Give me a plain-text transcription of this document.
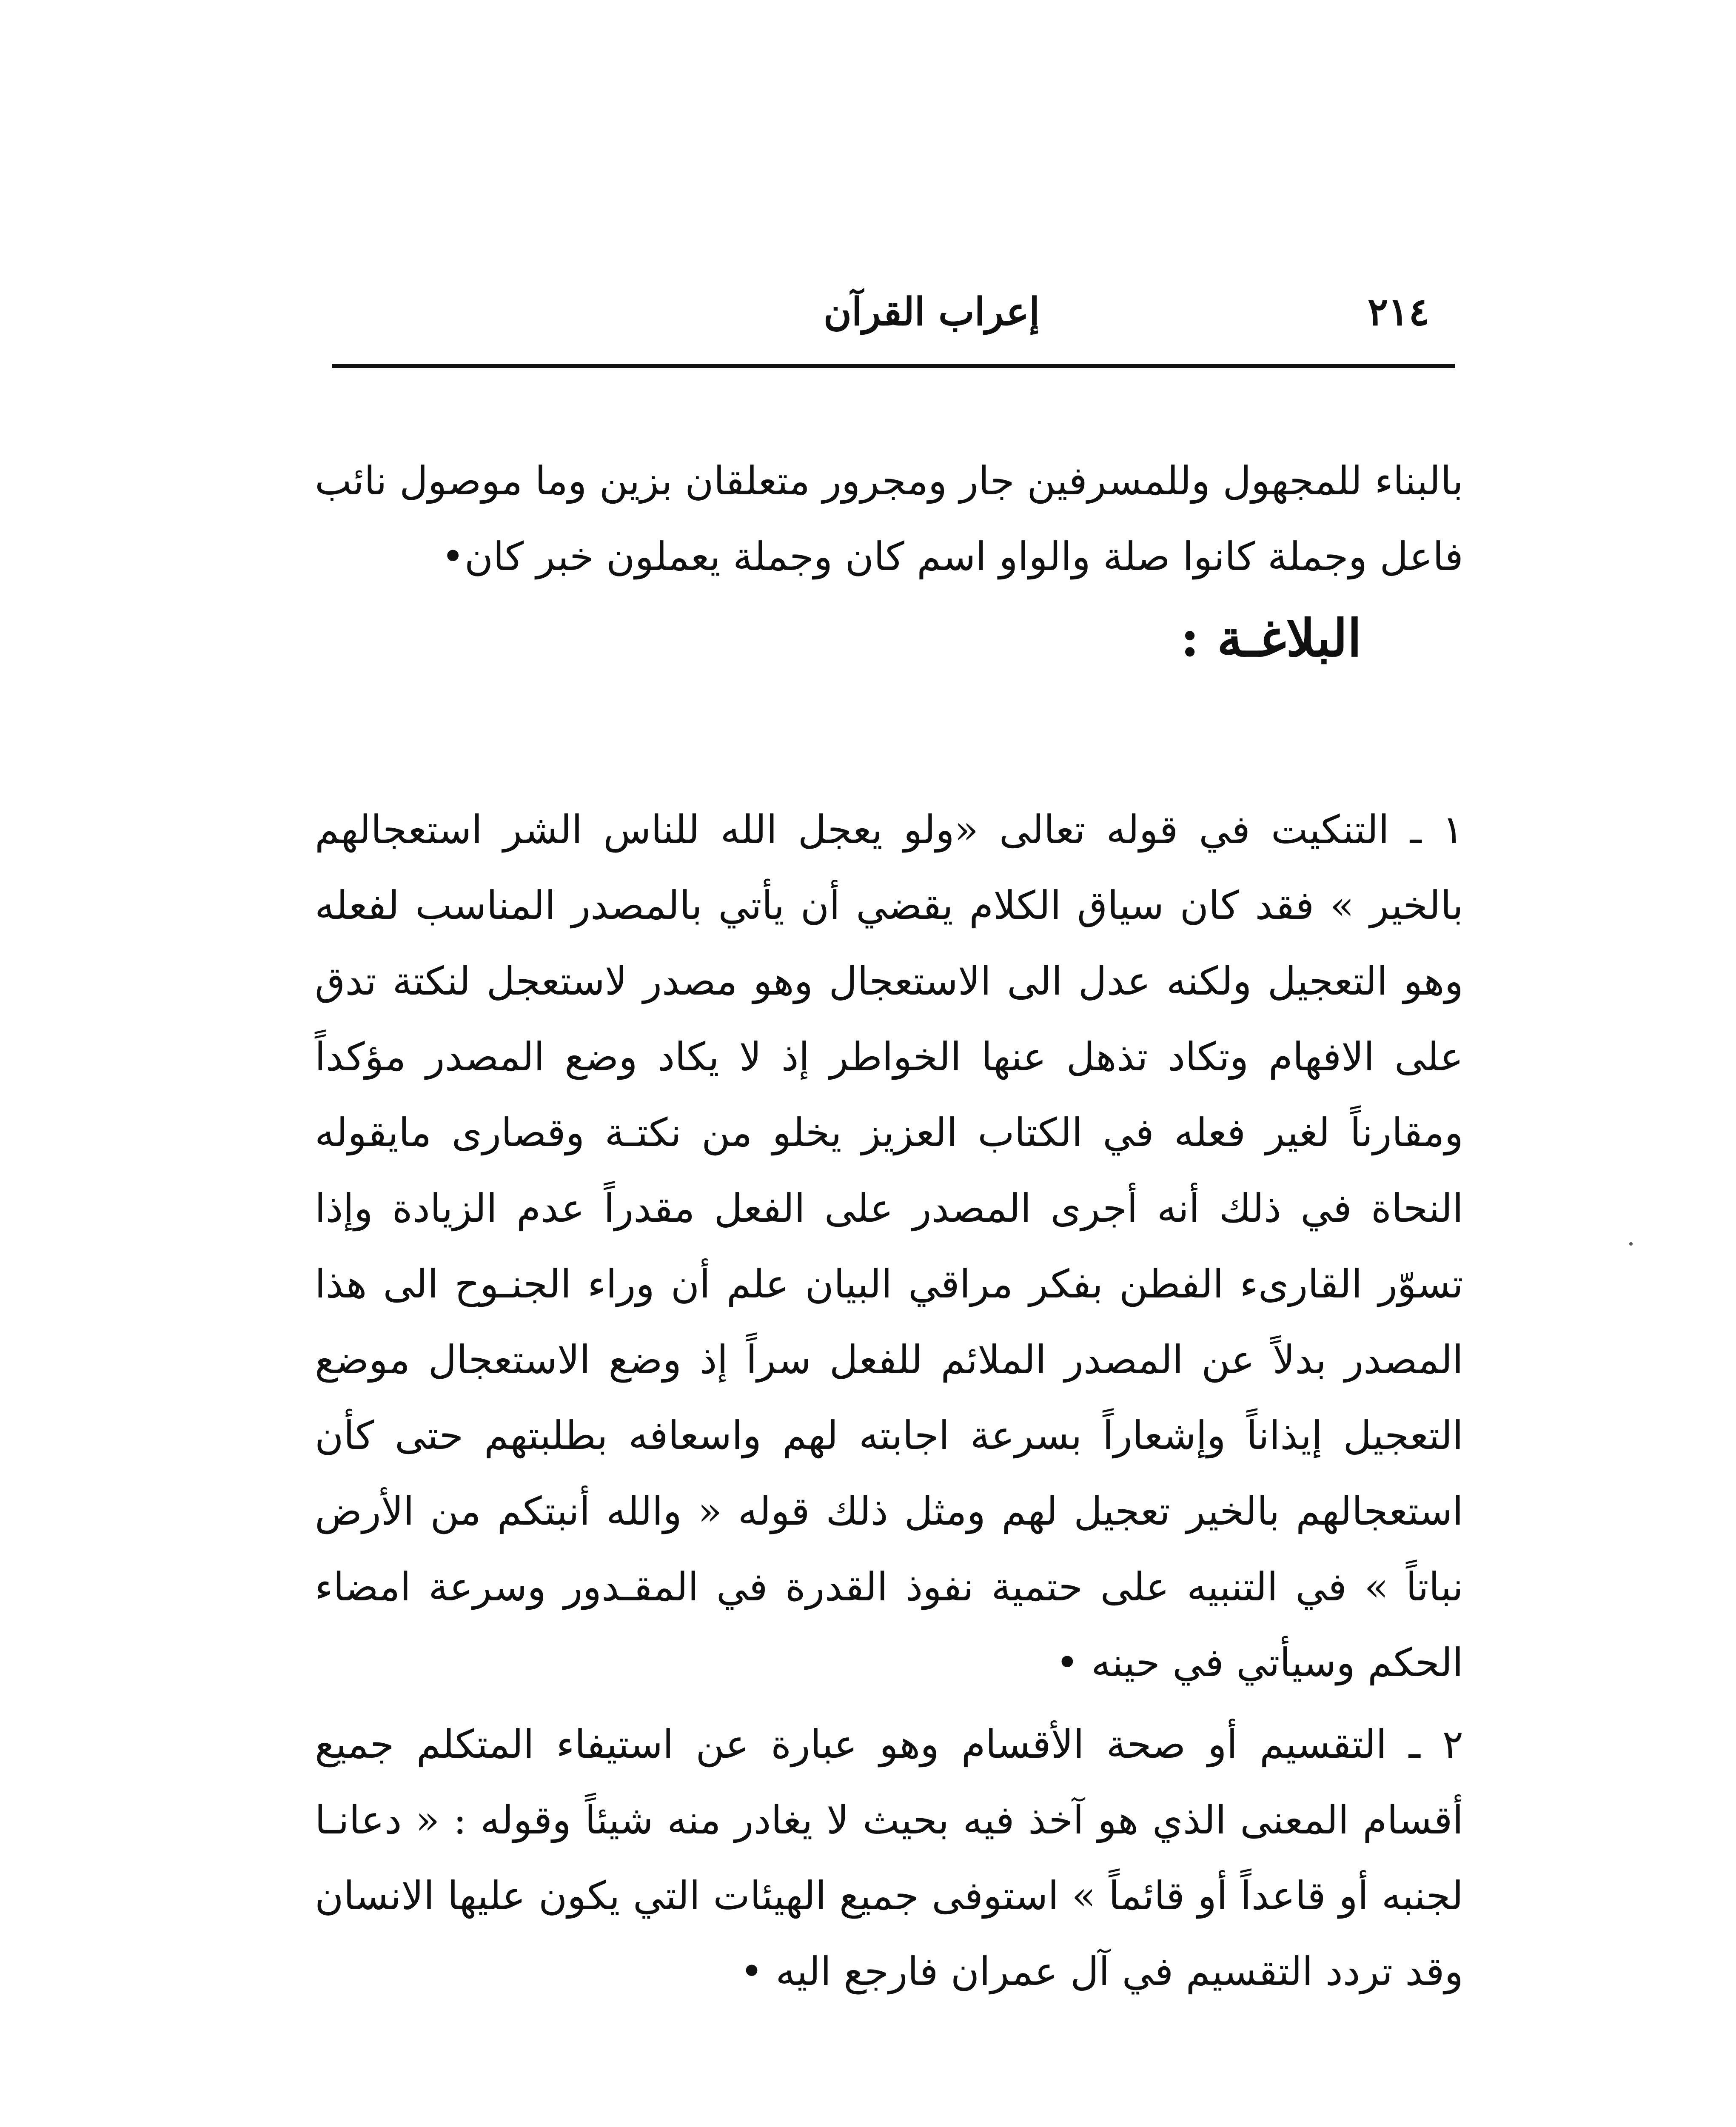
٢١٤
إعراب القرآن

بالبناء للمجهول وللمسرفين جار ومجرور متعلقان بزين وما موصول نائب فاعل وجملة كانوا صلة والواو اسم كان وجملة يعملون خبر كان•

البلاغـة :

١ ـ التنكيت في قوله تعالى «ولو يعجل الله للناس الشر استعجالهم بالخير » فقد كان سياق الكلام يقضي أن يأتي بالمصدر المناسب لفعله وهو التعجيل ولكنه عدل الى الاستعجال وهو مصدر لاستعجل لنكتة تدق على الافهام وتكاد تذهل عنها الخواطر إذ لا يكاد وضع المصدر مؤكداً ومقارناً لغير فعله في الكتاب العزيز يخلو من نكتـة وقصارى مايقوله النحاة في ذلك أنه أجرى المصدر على الفعل مقدراً عدم الزيادة وإذا تسوّر القارىء الفطن بفكر مراقي البيان علم أن وراء الجنـوح الى هذا المصدر بدلاً عن المصدر الملائم للفعل سراً إذ وضع الاستعجال موضع التعجيل إيذاناً وإشعاراً بسرعة اجابته لهم واسعافه بطلبتهم حتى كأن استعجالهم بالخير تعجيل لهم ومثل ذلك قوله « والله أنبتكم من الأرض نباتاً » في التنبيه على حتمية نفوذ القدرة في المقـدور وسرعة امضاء الحكم وسيأتي في حينه •

٢ ـ التقسيم أو صحة الأقسام وهو عبارة عن استيفاء المتكلم جميع أقسام المعنى الذي هو آخذ فيه بحيث لا يغادر منه شيئاً وقوله : « دعانـا لجنبه أو قاعداً أو قائماً » استوفى جميع الهيئات التي يكون عليها الانسان وقد تردد التقسيم في آل عمران فارجع اليه •
